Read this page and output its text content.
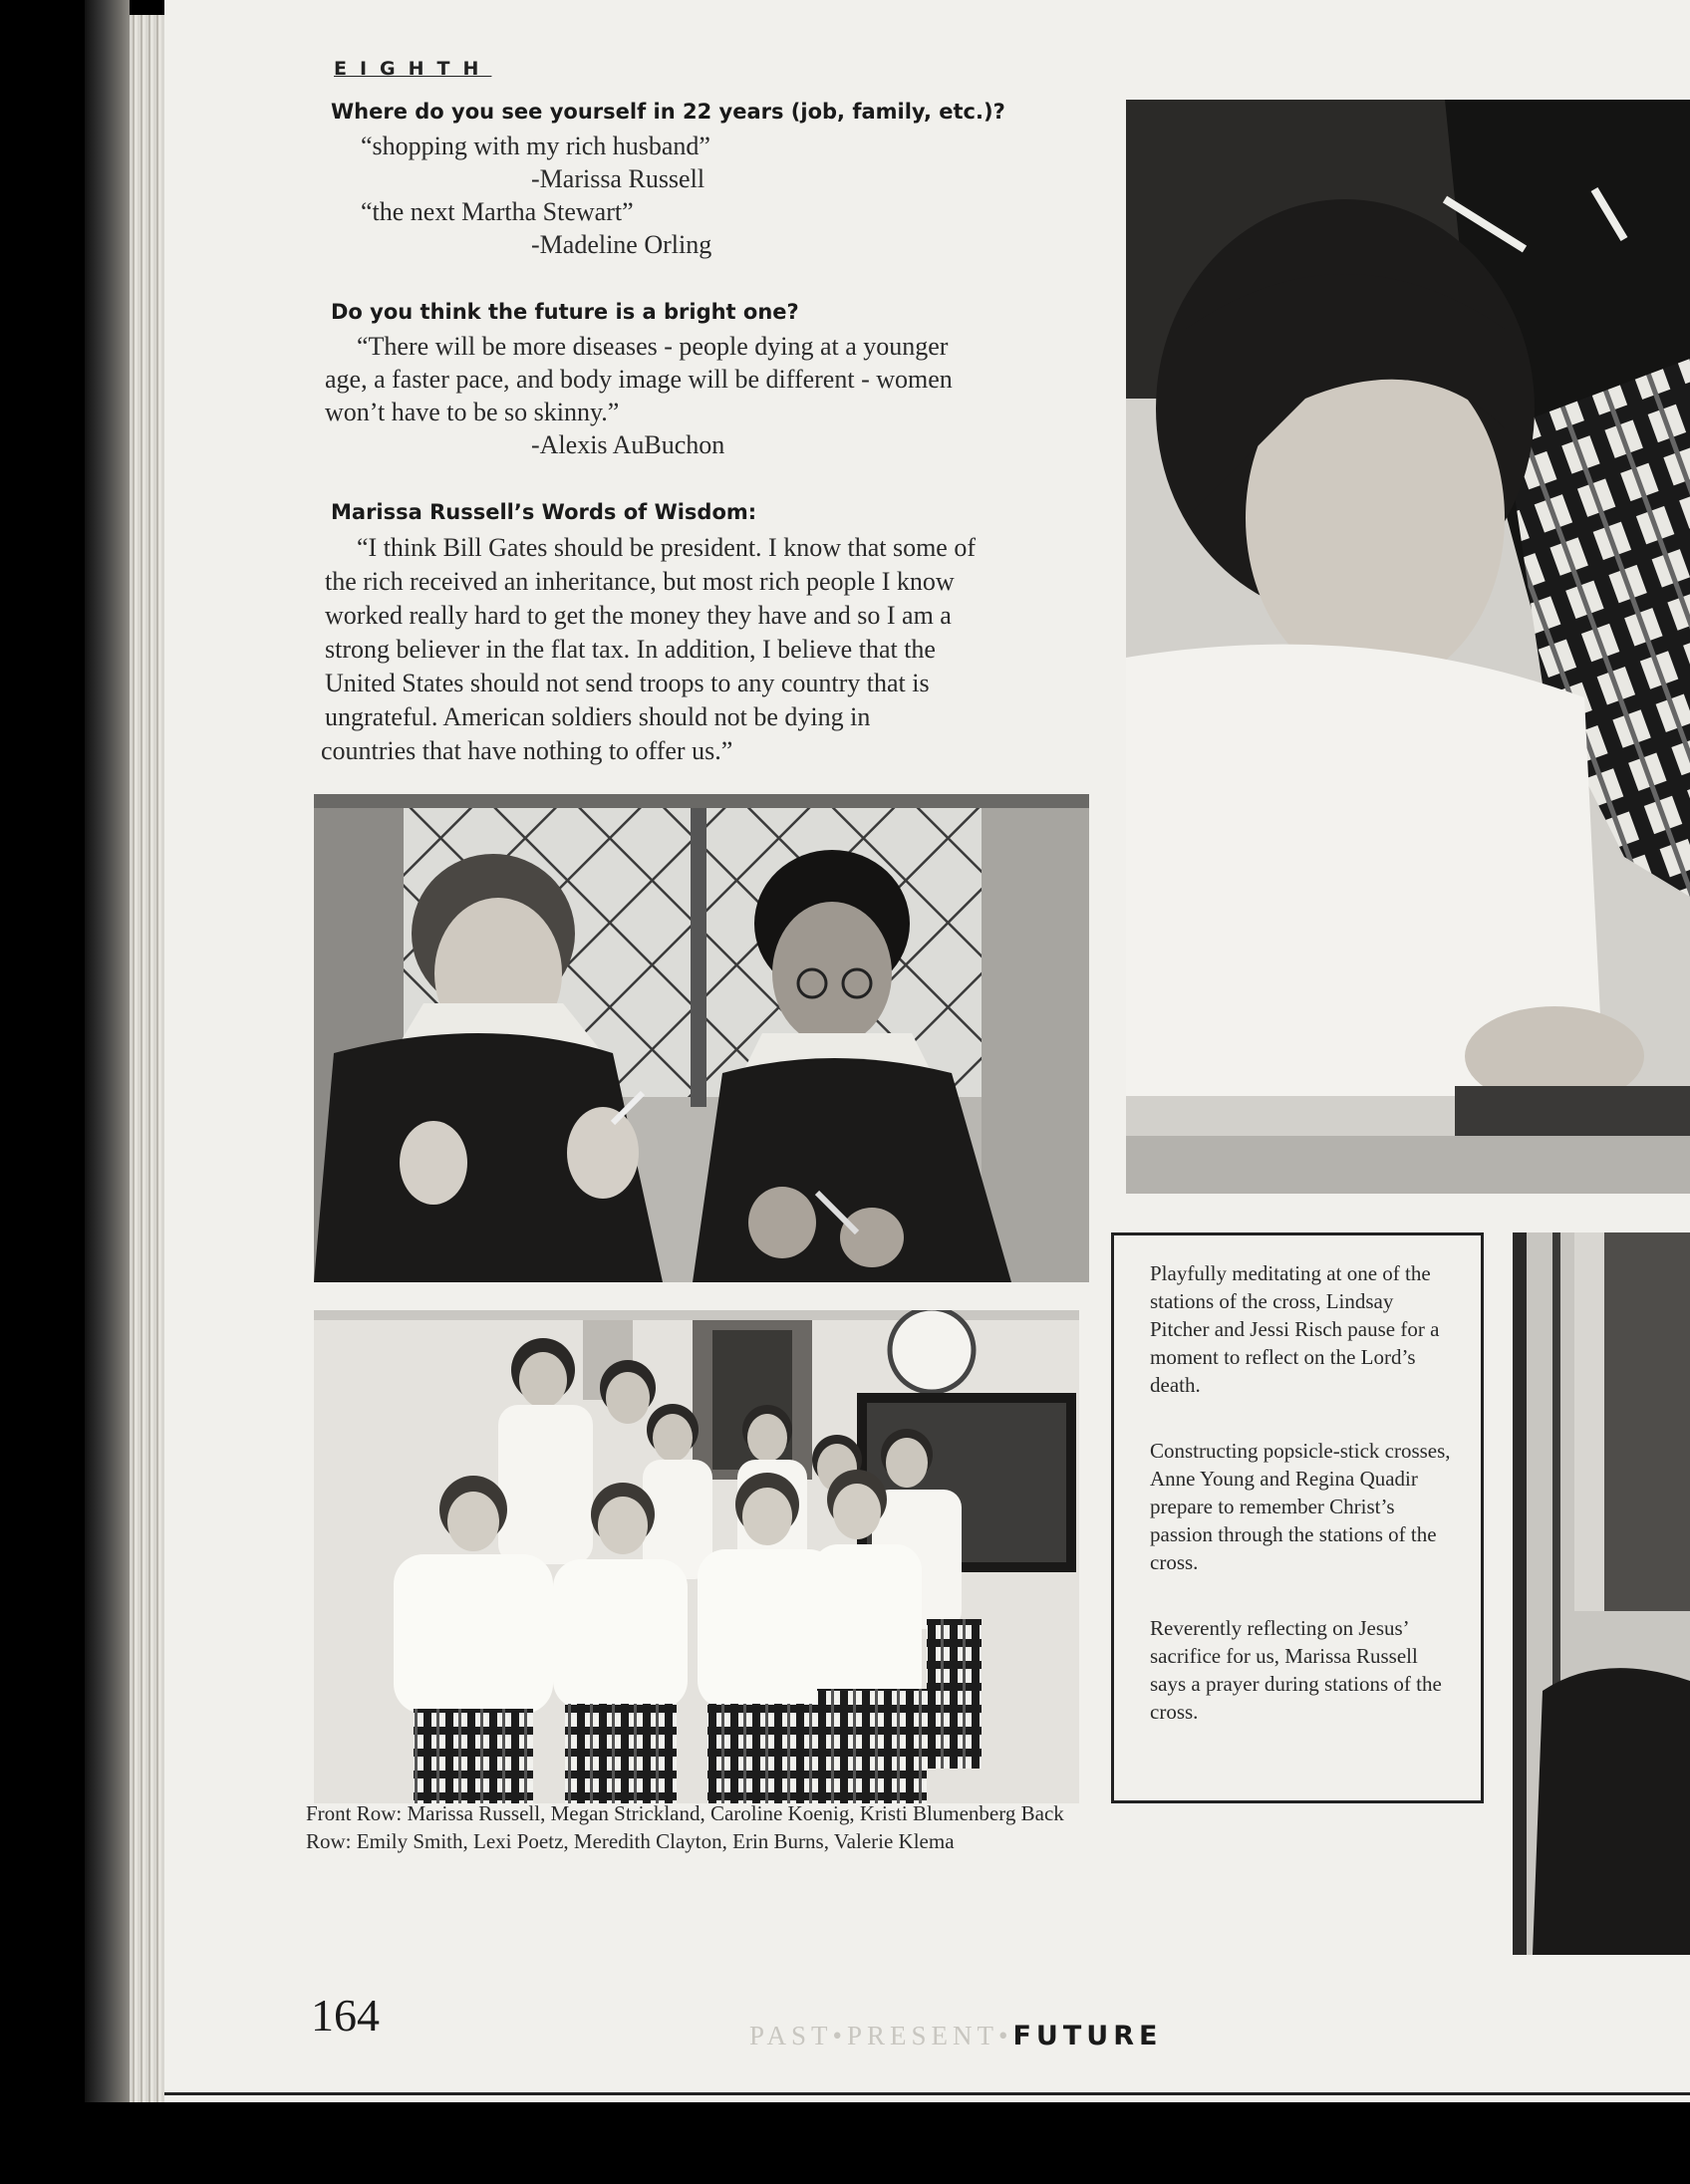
EIGHTH
Where do you see yourself in 22 years (job, family, etc.)?
“shopping with my rich husband”
-Marissa Russell
“the next Martha Stewart”
-Madeline Orling
Do you think the future is a bright one?
“There will be more diseases - people dying at a younger
age, a faster pace, and body image will be different - women
won’t have to be so skinny.”
-Alexis AuBuchon
Marissa Russell’s Words of Wisdom:
“I think Bill Gates should be president. I know that some of
the rich received an inheritance, but most rich people I know
worked really hard to get the money they have and so I am a
strong believer in the flat tax. In addition, I believe that the
United States should not send troops to any country that is
ungrateful. American soldiers should not be dying in
countries that have nothing to offer us.”

Playfully meditating at one of the stations of the cross, Lindsay Pitcher and Jessi Risch pause for a moment to reflect on the Lord’s death.

Constructing popsicle-stick crosses, Anne Young and Regina Quadir prepare to remember Christ’s passion through the stations of the cross.

Reverently reflecting on Jesus’ sacrifice for us, Marissa Russell says a prayer during stations of the cross.

Front Row: Marissa Russell, Megan Strickland, Caroline Koenig, Kristi Blumenberg Back Row: Emily Smith, Lexi Poetz, Meredith Clayton, Erin Burns, Valerie Klema
164	PAST•PRESENT•FUTURE
